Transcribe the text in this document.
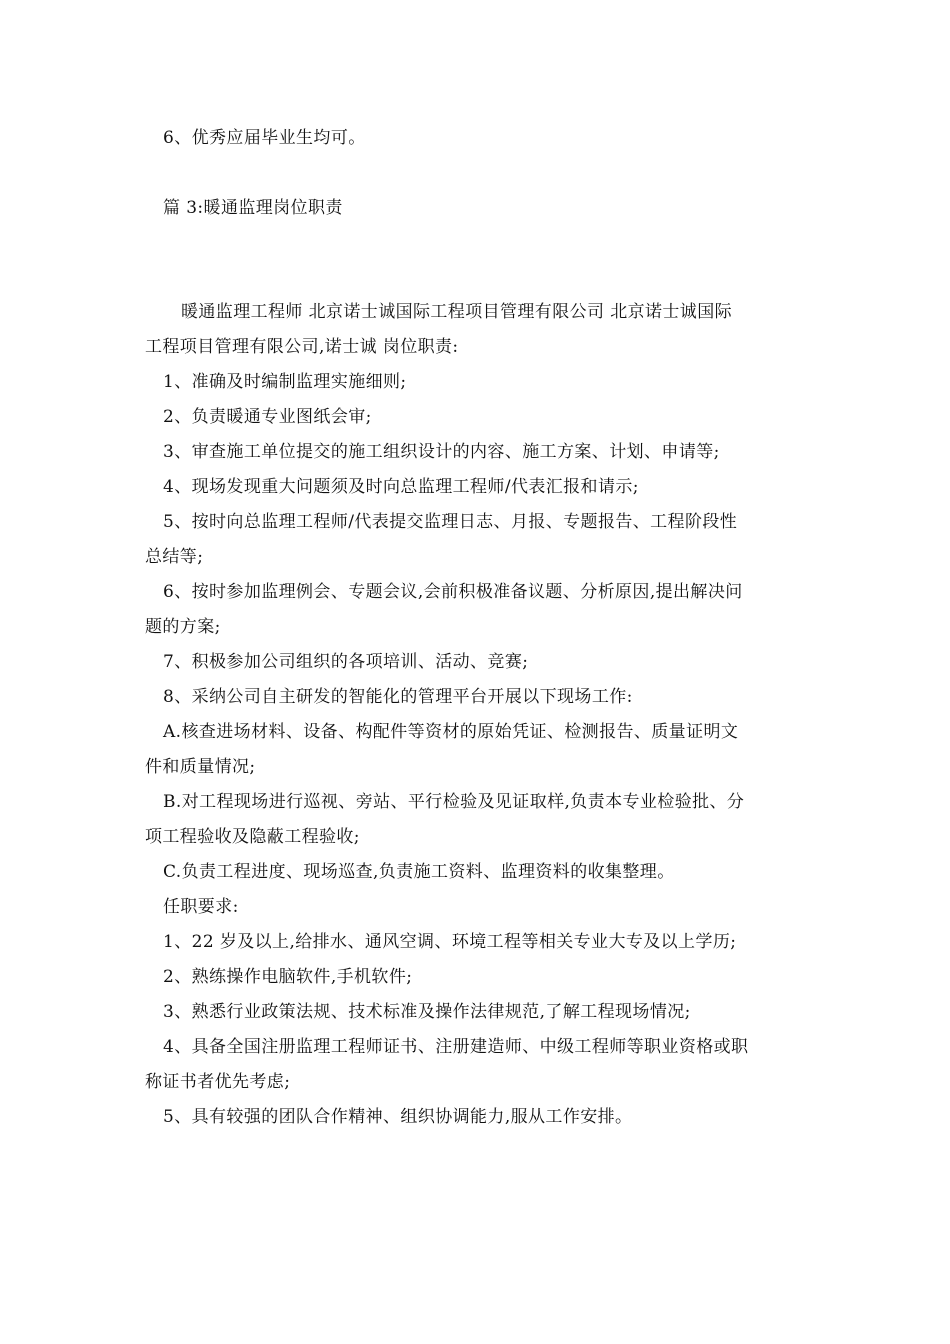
6、优秀应届毕业生均可。
篇 3:暖通监理岗位职责
暖通监理工程师 北京诺士诚国际工程项目管理有限公司 北京诺士诚国际
工程项目管理有限公司,诺士诚 岗位职责:
1、准确及时编制监理实施细则;
2、负责暖通专业图纸会审;
3、审查施工单位提交的施工组织设计的内容、施工方案、计划、申请等;
4、现场发现重大问题须及时向总监理工程师/代表汇报和请示;
5、按时向总监理工程师/代表提交监理日志、月报、专题报告、工程阶段性
总结等;
6、按时参加监理例会、专题会议,会前积极准备议题、分析原因,提出解决问
题的方案;
7、积极参加公司组织的各项培训、活动、竞赛;
8、采纳公司自主研发的智能化的管理平台开展以下现场工作:
A.核查进场材料、设备、构配件等资材的原始凭证、检测报告、质量证明文
件和质量情况;
B.对工程现场进行巡视、旁站、平行检验及见证取样,负责本专业检验批、分
项工程验收及隐蔽工程验收;
C.负责工程进度、现场巡查,负责施工资料、监理资料的收集整理。
任职要求:
1、22 岁及以上,给排水、通风空调、环境工程等相关专业大专及以上学历;
2、熟练操作电脑软件,手机软件;
3、熟悉行业政策法规、技术标准及操作法律规范,了解工程现场情况;
4、具备全国注册监理工程师证书、注册建造师、中级工程师等职业资格或职
称证书者优先考虑;
5、具有较强的团队合作精神、组织协调能力,服从工作安排。
